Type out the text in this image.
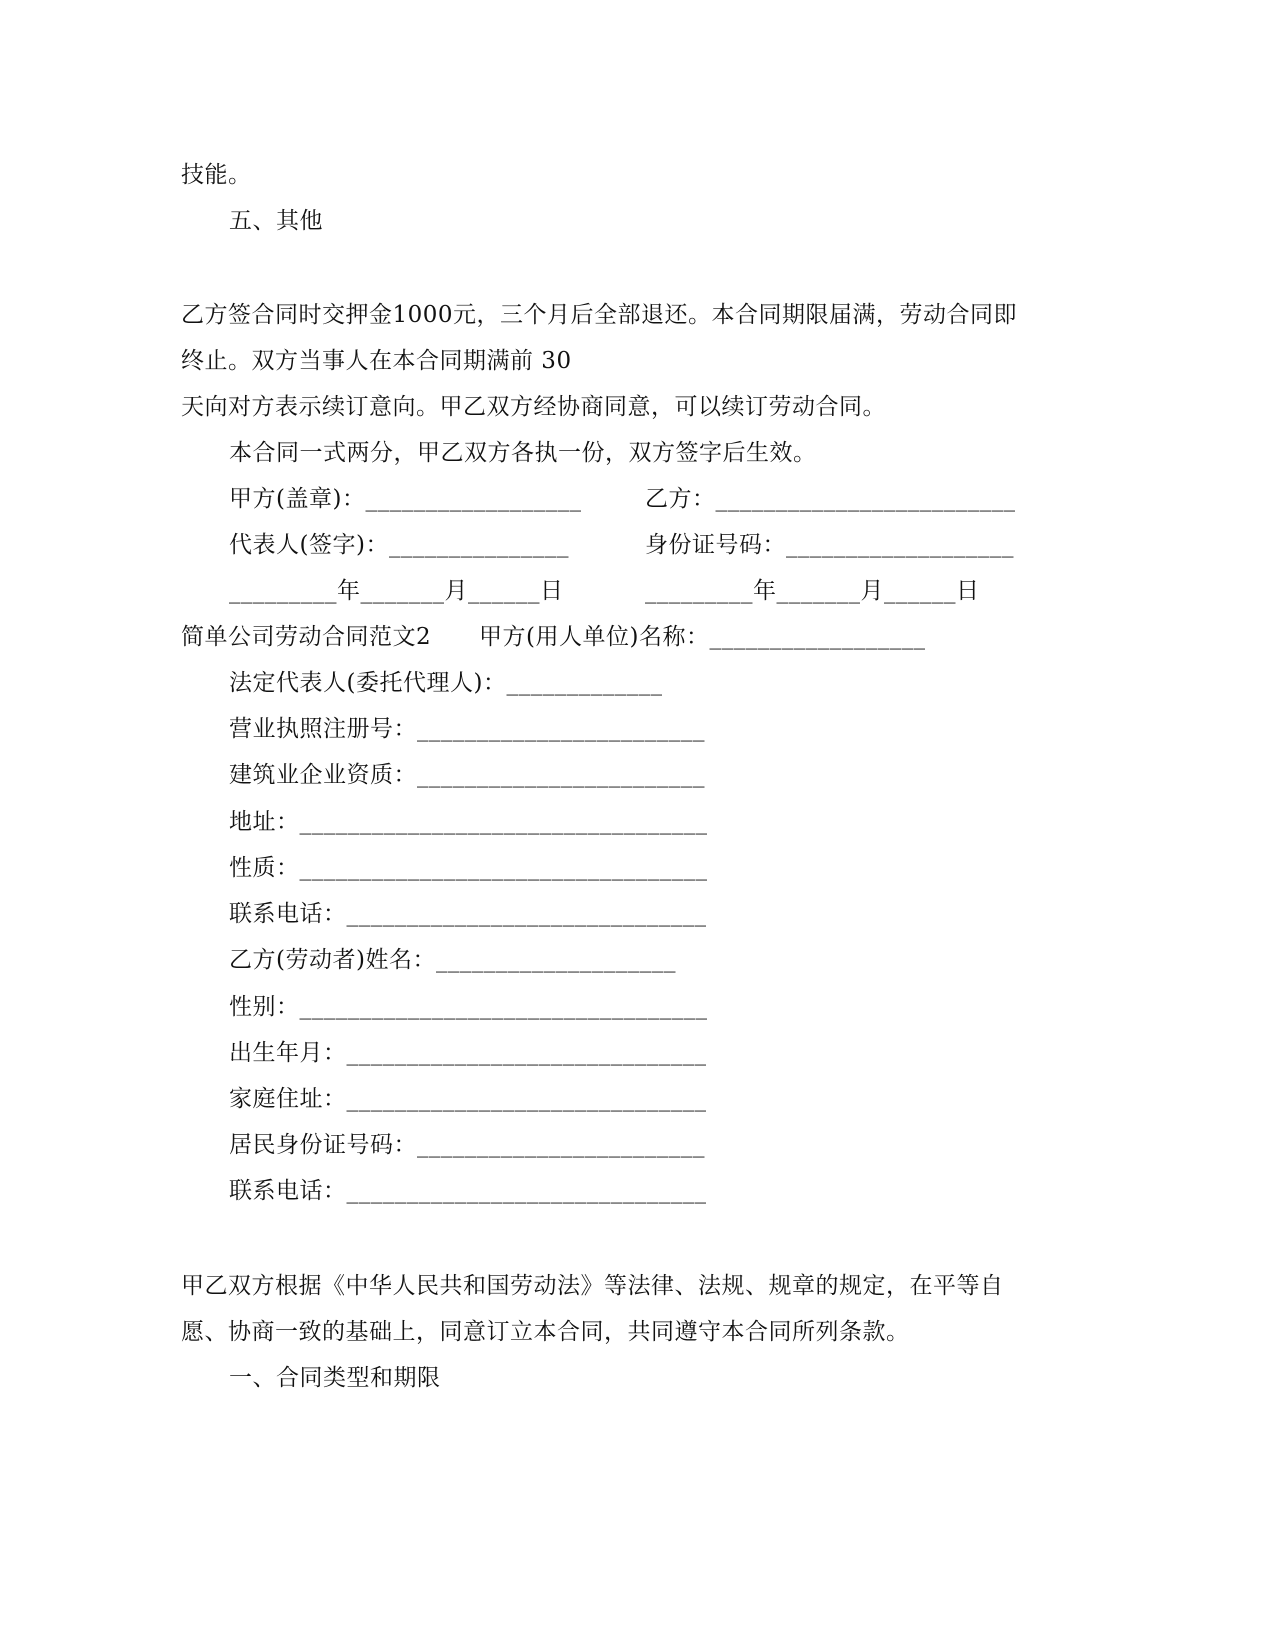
技能。
五、其他
乙方签合同时交押金1000元，三个月后全部退还。本合同期限届满，劳动合同即
终止。双方当事人在本合同期满前 30
天向对方表示续订意向。甲乙双方经协商同意，可以续订劳动合同。
本合同一式两分，甲乙双方各执一份，双方签字后生效。
甲方(盖章)：__________________	乙方：_________________________
代表人(签字)：_______________	身份证号码：___________________
_________年_______月______日	_________年_______月______日
简单公司劳动合同范文2 甲方(用人单位)名称：__________________
法定代表人(委托代理人)：_____________
营业执照注册号：________________________
建筑业企业资质：________________________
地址：__________________________________
性质：__________________________________
联系电话：______________________________
乙方(劳动者)姓名：____________________
性别：__________________________________
出生年月：______________________________
家庭住址：______________________________
居民身份证号码：________________________
联系电话：______________________________
甲乙双方根据《中华人民共和国劳动法》等法律、法规、规章的规定，在平等自
愿、协商一致的基础上，同意订立本合同，共同遵守本合同所列条款。
一、合同类型和期限
